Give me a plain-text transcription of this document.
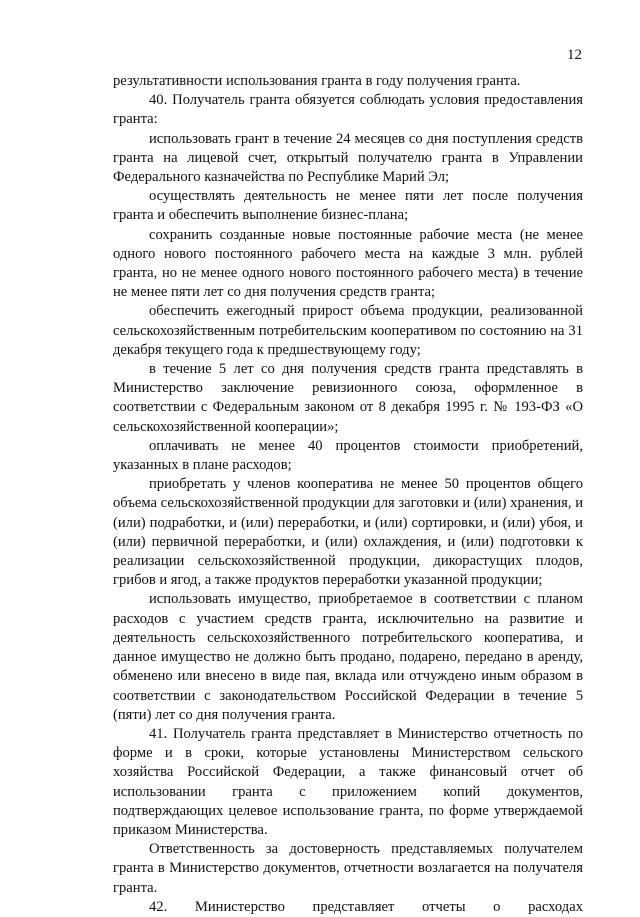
12

результативности использования гранта в году получения гранта.

40. Получатель гранта обязуется соблюдать условия предоставления гранта:

использовать грант в течение 24 месяцев со дня поступления средств гранта на лицевой счет, открытый получателю гранта в Управлении Федерального казначейства по Республике Марий Эл;

осуществлять деятельность не менее пяти лет после получения гранта и обеспечить выполнение бизнес-плана;

сохранить созданные новые постоянные рабочие места (не менее одного нового постоянного рабочего места на каждые 3 млн. рублей гранта, но не менее одного нового постоянного рабочего места) в течение не менее пяти лет со дня получения средств гранта;

обеспечить ежегодный прирост объема продукции, реализованной сельскохозяйственным потребительским кооперативом по состоянию на 31 декабря текущего года к предшествующему году;

в течение 5 лет со дня получения средств гранта представлять в Министерство заключение ревизионного союза, оформленное в соответствии с Федеральным законом от 8 декабря 1995 г. № 193-ФЗ «О сельскохозяйственной кооперации»;

оплачивать не менее 40 процентов стоимости приобретений, указанных в плане расходов;

приобретать у членов кооператива не менее 50 процентов общего объема сельскохозяйственной продукции для заготовки и (или) хранения, и (или) подработки, и (или) переработки, и (или) сортировки, и (или) убоя, и (или) первичной переработки, и (или) охлаждения, и (или) подготовки к реализации сельскохозяйственной продукции, дикорастущих плодов, грибов и ягод, а также продуктов переработки указанной продукции;

использовать имущество, приобретаемое в соответствии с планом расходов с участием средств гранта, исключительно на развитие и деятельность сельскохозяйственного потребительского кооператива, и данное имущество не должно быть продано, подарено, передано в аренду, обменено или внесено в виде пая, вклада или отчуждено иным образом в соответствии с законодательством Российской Федерации в течение 5 (пяти) лет со дня получения гранта.

41. Получатель гранта представляет в Министерство отчетность по форме и в сроки, которые установлены Министерством сельского хозяйства Российской Федерации, а также финансовый отчет об использовании гранта с приложением копий документов, подтверждающих целевое использование гранта, по форме утверждаемой приказом Министерства.

Ответственность за достоверность представляемых получателем гранта в Министерство документов, отчетности возлагается на получателя гранта.

42. Министерство представляет отчеты о расходах
